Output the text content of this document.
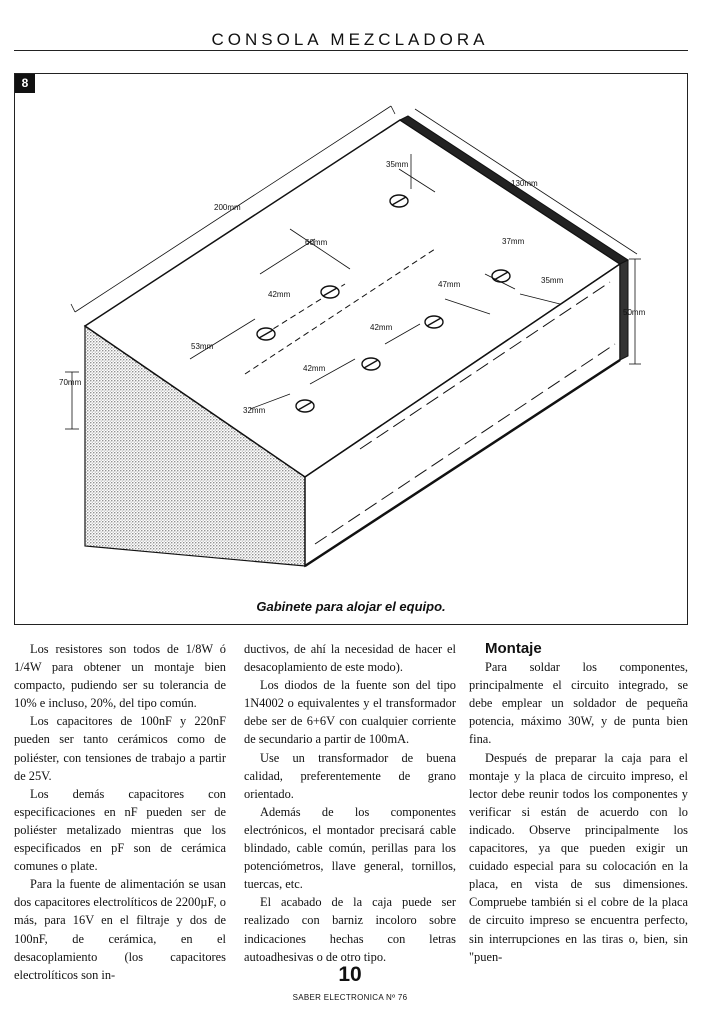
CONSOLA MEZCLADORA
8
200mm
130mm
70mm
50mm
35mm
60mm
42mm
53mm
37mm
47mm	35mm
42mm
42mm
32mm
Gabinete para alojar el equipo.

Los resistores son todos de 1/8W ó 1/4W para obtener un montaje bien compacto, pudiendo ser su tolerancia de 10% e incluso, 20%, del tipo común.

Los capacitores de 100nF y 220nF pueden ser tanto cerámicos como de poliéster, con tensiones de trabajo a partir de 25V.

Los demás capacitores con especificaciones en nF pueden ser de poliéster metalizado mientras que los especificados en pF son de cerámica comunes o plate.

Para la fuente de alimentación se usan dos capacitores electrolíticos de 2200µF, o más, para 16V en el filtraje y dos de 100nF, de cerámica, en el desacoplamiento (los capacitores electrolíticos son in-

ductivos, de ahí la necesidad de hacer el desacoplamiento de este modo).

Los diodos de la fuente son del tipo 1N4002 o equivalentes y el transformador debe ser de 6+6V con cualquier corriente de secundario a partir de 100mA.

Use un transformador de buena calidad, preferentemente de grano orientado.

Además de los componentes electrónicos, el montador precisará cable blindado, cable común, perillas para los potenciómetros, llave general, tornillos, tuercas, etc.

El acabado de la caja puede ser realizado con barniz incoloro sobre indicaciones hechas con letras autoadhesivas o de otro tipo.

Montaje

Para soldar los componentes, principalmente el circuito integrado, se debe emplear un soldador de pequeña potencia, máximo 30W, y de punta bien fina.

Después de preparar la caja para el montaje y la placa de circuito impreso, el lector debe reunir todos los componentes y verificar si están de acuerdo con lo indicado. Observe principalmente los capacitores, ya que pueden exigir un cuidado especial para su colocación en la placa, en vista de sus dimensiones. Compruebe también si el cobre de la placa de circuito impreso se encuentra perfecto, sin interrupciones en las tiras o, bien, sin "puen-

10
SABER ELECTRONICA Nº 76
